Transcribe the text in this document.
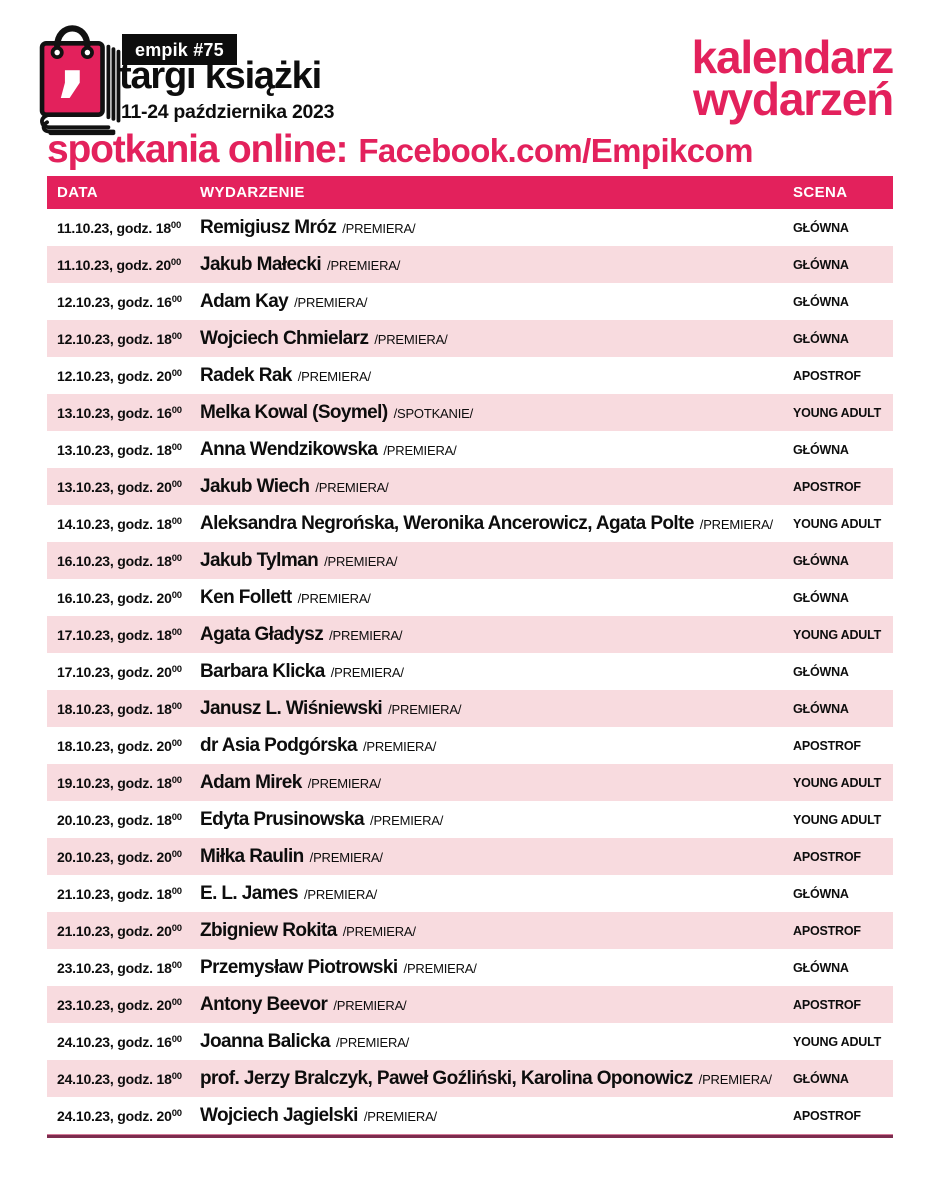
,	empik #75
targi książki
11-24 października 2023
kalendarz
wydarzeń
spotkania online: Facebook.com/Empikcom
DATA	WYDARZENIE	SCENA
11.10.23, godz. $18^{00}$ Remigiusz Mróz /PREMIERA/	GŁÓWNA
11.10.23, godz. $20^{00}$ Jakub Małecki /PREMIERA/	GŁÓWNA
12.10.23, godz. $16^{00}$ Adam Kay /PREMIERA/	GŁÓWNA
12.10.23, godz. $18^{00}$ Wojciech Chmielarz /PREMIERA/	GŁÓWNA
12.10.23, godz. $20^{00}$ Radek Rak /PREMIERA/	APOSTROF
13.10.23, godz. $16^{00}$ Melka Kowal (Soymel) /SPOTKANIE/	YOUNG ADULT
13.10.23, godz. $18^{00}$ Anna Wendzikowska /PREMIERA/	GŁÓWNA
13.10.23, godz. $20^{00}$ Jakub Wiech /PREMIERA/	APOSTROF
14.10.23, godz. $18^{00}$ Aleksandra Negrońska, Weronika Ancerowicz, Agata Polte /PREMIERA/ YOUNG ADULT
16.10.23, godz. $18^{00}$ Jakub Tylman /PREMIERA/	GŁÓWNA
16.10.23, godz. $20^{00}$ Ken Follett /PREMIERA/	GŁÓWNA
17.10.23, godz. $18^{00}$ Agata Gładysz /PREMIERA/	YOUNG ADULT
17.10.23, godz. $20^{00}$ Barbara Klicka /PREMIERA/	GŁÓWNA
18.10.23, godz. $18^{00}$ Janusz L. Wiśniewski /PREMIERA/	GŁÓWNA
18.10.23, godz. $20^{00}$ dr Asia Podgórska /PREMIERA/	APOSTROF
19.10.23, godz. $18^{00}$ Adam Mirek /PREMIERA/	YOUNG ADULT
20.10.23, godz. $18^{00}$ Edyta Prusinowska /PREMIERA/	YOUNG ADULT
20.10.23, godz. $20^{00}$ Miłka Raulin /PREMIERA/	APOSTROF
21.10.23, godz. $18^{00}$ E. L. James /PREMIERA/	GŁÓWNA
21.10.23, godz. $20^{00}$ Zbigniew Rokita /PREMIERA/	APOSTROF
23.10.23, godz. $18^{00}$ Przemysław Piotrowski /PREMIERA/	GŁÓWNA
23.10.23, godz. $20^{00}$ Antony Beevor /PREMIERA/	APOSTROF
24.10.23, godz. $16^{00}$ Joanna Balicka /PREMIERA/	YOUNG ADULT
24.10.23, godz. $18^{00}$ prof. Jerzy Bralczyk, Paweł Goźliński, Karolina Oponowicz /PREMIERA/ GŁÓWNA
24.10.23, godz. $20^{00}$ Wojciech Jagielski /PREMIERA/	APOSTROF
